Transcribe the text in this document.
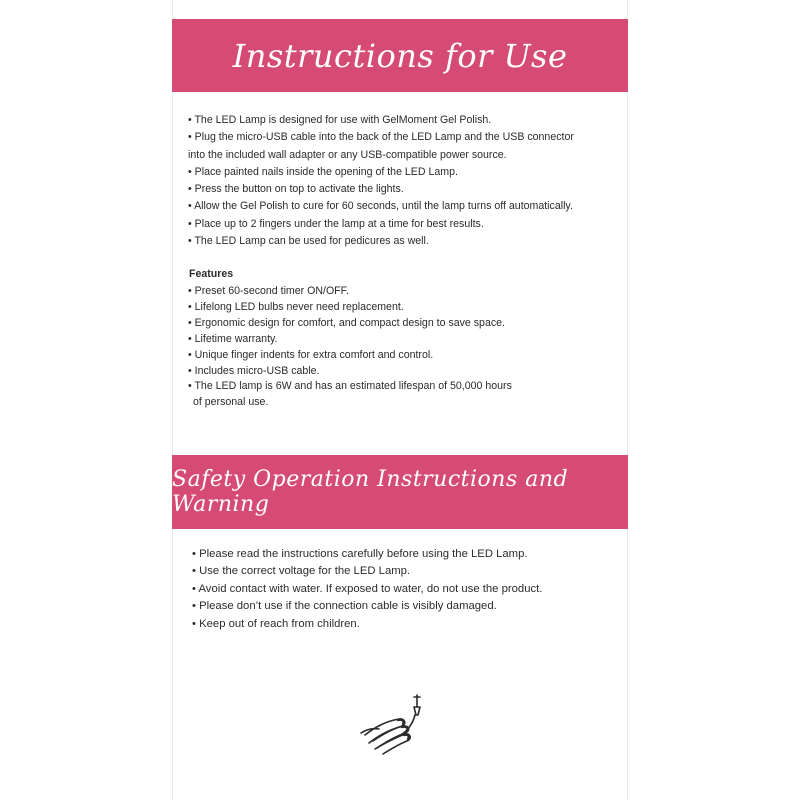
Instructions for Use
• The LED Lamp is designed for use with GelMoment Gel Polish.
• Plug the micro-USB cable into the back of the LED Lamp and the USB connector
into the included wall adapter or any USB-compatible power source.
• Place painted nails inside the opening of the LED Lamp.
• Press the button on top to activate the lights.
• Allow the Gel Polish to cure for 60 seconds, until the lamp turns off automatically.
• Place up to 2 fingers under the lamp at a time for best results.
• The LED Lamp can be used for pedicures as well.
Features
• Preset 60-second timer ON/OFF.
• Lifelong LED bulbs never need replacement.
• Ergonomic design for comfort, and compact design to save space.
• Lifetime warranty.
• Unique finger indents for extra comfort and control.
• Includes micro-USB cable.
• The LED lamp is 6W and has an estimated lifespan of 50,000 hours
of personal use.
Safety Operation Instructions and Warning
• Please read the instructions carefully before using the LED Lamp.
• Use the correct voltage for the LED Lamp.
• Avoid contact with water. If exposed to water, do not use the product.
• Please don’t use if the connection cable is visibly damaged.
• Keep out of reach from children.
